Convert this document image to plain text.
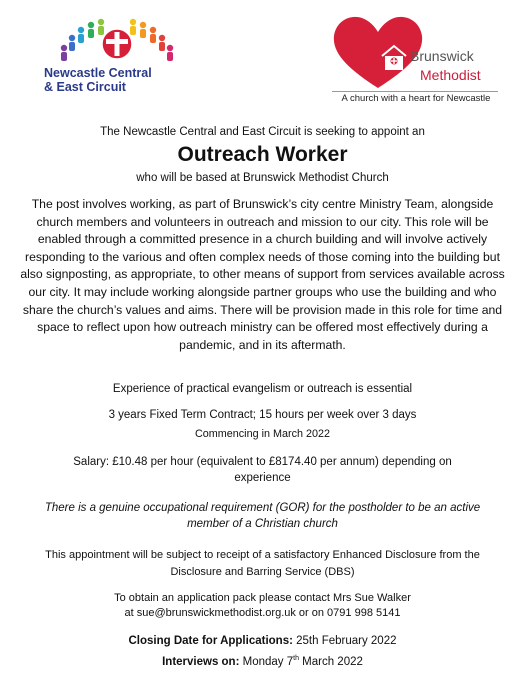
Newcastle Central
& East Circuit
Brunswick
Methodist
A church with a heart for Newcastle
The Newcastle Central and East Circuit is seeking to appoint an
Outreach Worker
who will be based at Brunswick Methodist Church
The post involves working, as part of Brunswick’s city centre Ministry Team, alongside church members and volunteers in outreach and mission to our city. This role will be enabled through a committed presence in a church building and will involve actively responding to the various and often complex needs of those coming into the building but also signposting, as appropriate, to other means of support from services available across our city. It may include working alongside partner groups who use the building and who share the church’s values and aims. There will be provision made in this role for time and space to reflect upon how outreach ministry can be offered most effectively during a pandemic, and in its aftermath.
Experience of practical evangelism or outreach is essential
3 years Fixed Term Contract; 15 hours per week over 3 days
Commencing in March 2022
Salary: £10.48 per hour (equivalent to £8174.40 per annum) depending on experience
There is a genuine occupational requirement (GOR) for the postholder to be an active member of a Christian church
This appointment will be subject to receipt of a satisfactory Enhanced Disclosure from the Disclosure and Barring Service (DBS)
To obtain an application pack please contact Mrs Sue Walker
at sue@brunswickmethodist.org.uk or on 0791 998 5141
Closing Date for Applications: 25th February 2022
Interviews on: Monday 7th March 2022
